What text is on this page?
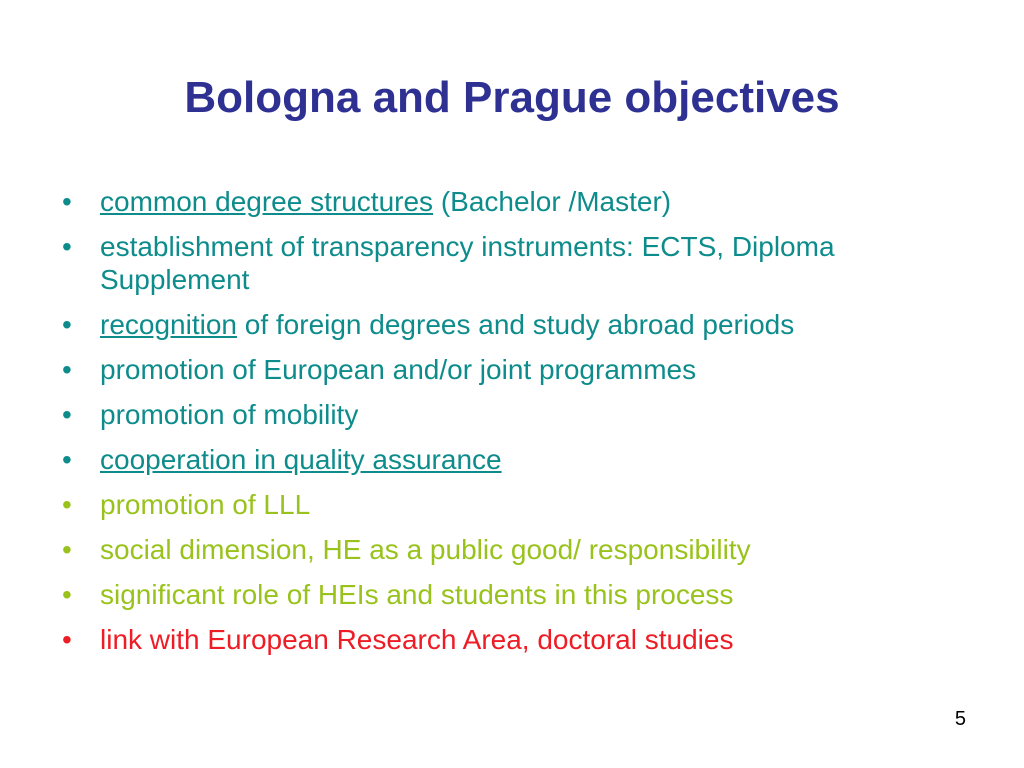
Bologna and Prague objectives
•	common degree structures (Bachelor /Master)
•	establishment of transparency instruments: ECTS, Diploma Supplement
•	recognition of foreign degrees and study abroad periods
•	promotion of European and/or joint programmes
•	promotion of mobility
•	cooperation in quality assurance
•	promotion of LLL
•	social dimension, HE as a public good/ responsibility
•	significant role of HEIs and students in this process
•	link with European Research Area, doctoral studies
5
